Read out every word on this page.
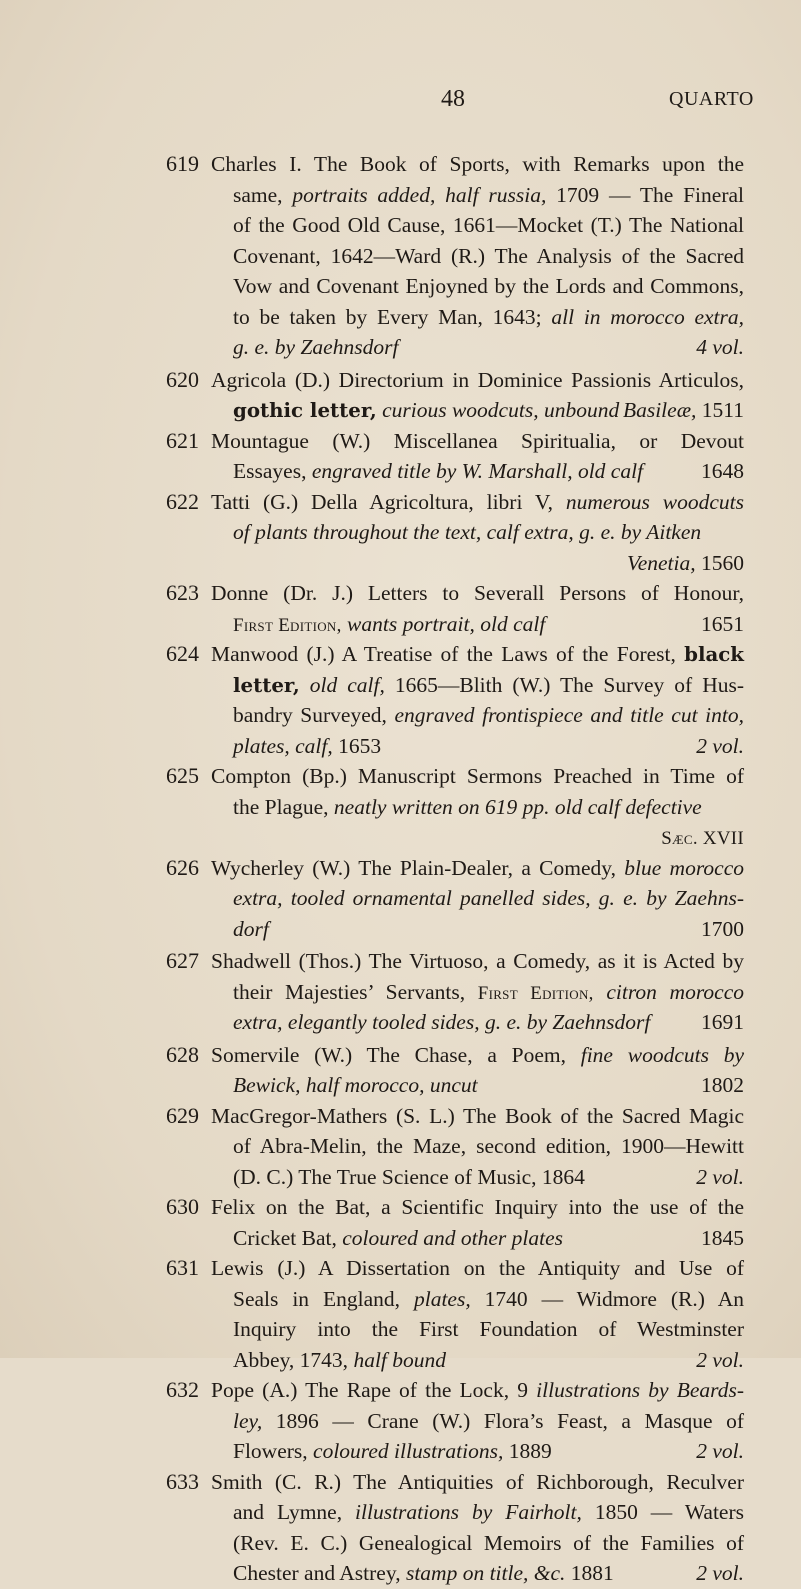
48	QUARTO
619 Charles I. The Book of Sports, with Remarks upon the
same, portraits added, half russia, 1709 — The Fineral
of the Good Old Cause, 1661—Mocket (T.) The National
Covenant, 1642—Ward (R.) The Analysis of the Sacred
Vow and Covenant Enjoyned by the Lords and Commons,
to be taken by Every Man, 1643; all in morocco extra,
g. e. by Zaehnsdorf	4 vol.
620 Agricola (D.) Directorium in Dominice Passionis Articulos,
gothic letter, curious woodcuts, unbound Basileæ, 1511
621 Mountague (W.) Miscellanea Spiritualia, or Devout
Essayes, engraved title by W. Marshall, old calf	1648
622 Tatti (G.) Della Agricoltura, libri V, numerous woodcuts
of plants throughout the text, calf extra, g. e. by Aitken
Venetia, 1560
623 Donne (Dr. J.) Letters to Severall Persons of Honour,
First Edition, wants portrait, old calf	1651
624 Manwood (J.) A Treatise of the Laws of the Forest, black
letter, old calf, 1665—Blith (W.) The Survey of Hus-
bandry Surveyed, engraved frontispiece and title cut into,
plates, calf, 1653	2 vol.
625 Compton (Bp.) Manuscript Sermons Preached in Time of
the Plague, neatly written on 619 pp. old calf defective
Sæc. XVII
626 Wycherley (W.) The Plain-Dealer, a Comedy, blue morocco
extra, tooled ornamental panelled sides, g. e. by Zaehns-
dorf	1700
627 Shadwell (Thos.) The Virtuoso, a Comedy, as it is Acted by
their Majesties’ Servants, First Edition, citron morocco
extra, elegantly tooled sides, g. e. by Zaehnsdorf 1691
628 Somervile (W.) The Chase, a Poem, fine woodcuts by
Bewick, half morocco, uncut	1802
629 MacGregor-Mathers (S. L.) The Book of the Sacred Magic
of Abra-Melin, the Maze, second edition, 1900—Hewitt
(D. C.) The True Science of Music, 1864	2 vol.
630 Felix on the Bat, a Scientific Inquiry into the use of the
Cricket Bat, coloured and other plates	1845
631 Lewis (J.) A Dissertation on the Antiquity and Use of
Seals in England, plates, 1740 — Widmore (R.) An
Inquiry into the First Foundation of Westminster
Abbey, 1743, half bound	2 vol.
632 Pope (A.) The Rape of the Lock, 9 illustrations by Beards-
ley, 1896 — Crane (W.) Flora’s Feast, a Masque of
Flowers, coloured illustrations, 1889	2 vol.
633 Smith (C. R.) The Antiquities of Richborough, Reculver
and Lymne, illustrations by Fairholt, 1850 — Waters
(Rev. E. C.) Genealogical Memoirs of the Families of
Chester and Astrey, stamp on title, &c. 1881	2 vol.
